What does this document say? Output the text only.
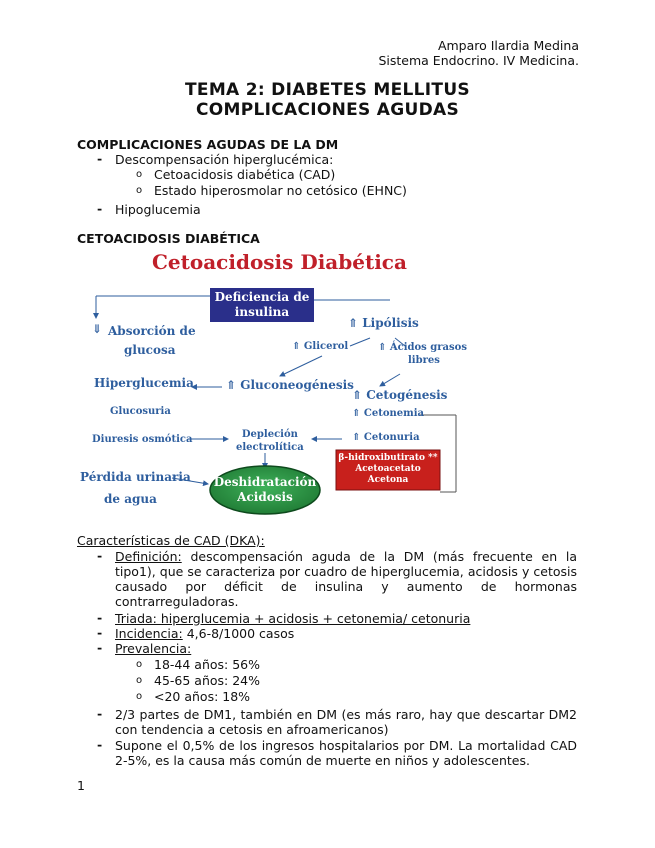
Amparo Ilardia Medina
Sistema Endocrino. IV Medicina.
TEMA 2: DIABETES MELLITUS
COMPLICACIONES AGUDAS
COMPLICACIONES AGUDAS DE LA DM
- Descompensación hiperglucémica:
o Cetoacidosis diabética (CAD)
o Estado hiperosmolar no cetósico (EHNC)
- Hipoglucemia
CETOACIDOSIS DIABÉTICA
Cetoacidosis Diabética
Deficiencia de
insulina
⇓ Absorción de
glucosa
⇑ Lipólisis
⇑ Glicerol	⇑ Ácidos grasos
libres
Hiperglucemia	⇑ Gluconeogénesis
Glucosuria
⇑ Cetogénesis
⇑ Cetonemia
Diuresis osmótica	Depleción
electrolítica
⇑ Cetonuria
Pérdida urinaria
de agua
β-hidroxibutirato **
Acetoacetato
Acetona
Deshidratación
Acidosis
Características de CAD (DKA):
- Definición: descompensación aguda de la DM (más frecuente en la tipo1), que se caracteriza por cuadro de hiperglucemia, acidosis y cetosis causado por déficit de insulina y aumento de hormonas contrarreguladoras.
- Triada: hiperglucemia + acidosis + cetonemia/ cetonuria
- Incidencia: 4,6-8/1000 casos
- Prevalencia:
o 18-44 años: 56%
o 45-65 años: 24%
o <20 años: 18%
- 2/3 partes de DM1, también en DM (es más raro, hay que descartar DM2 con tendencia a cetosis en afroamericanos)
- Supone el 0,5% de los ingresos hospitalarios por DM. La mortalidad CAD 2-5%, es la causa más común de muerte en niños y adolescentes.
1
